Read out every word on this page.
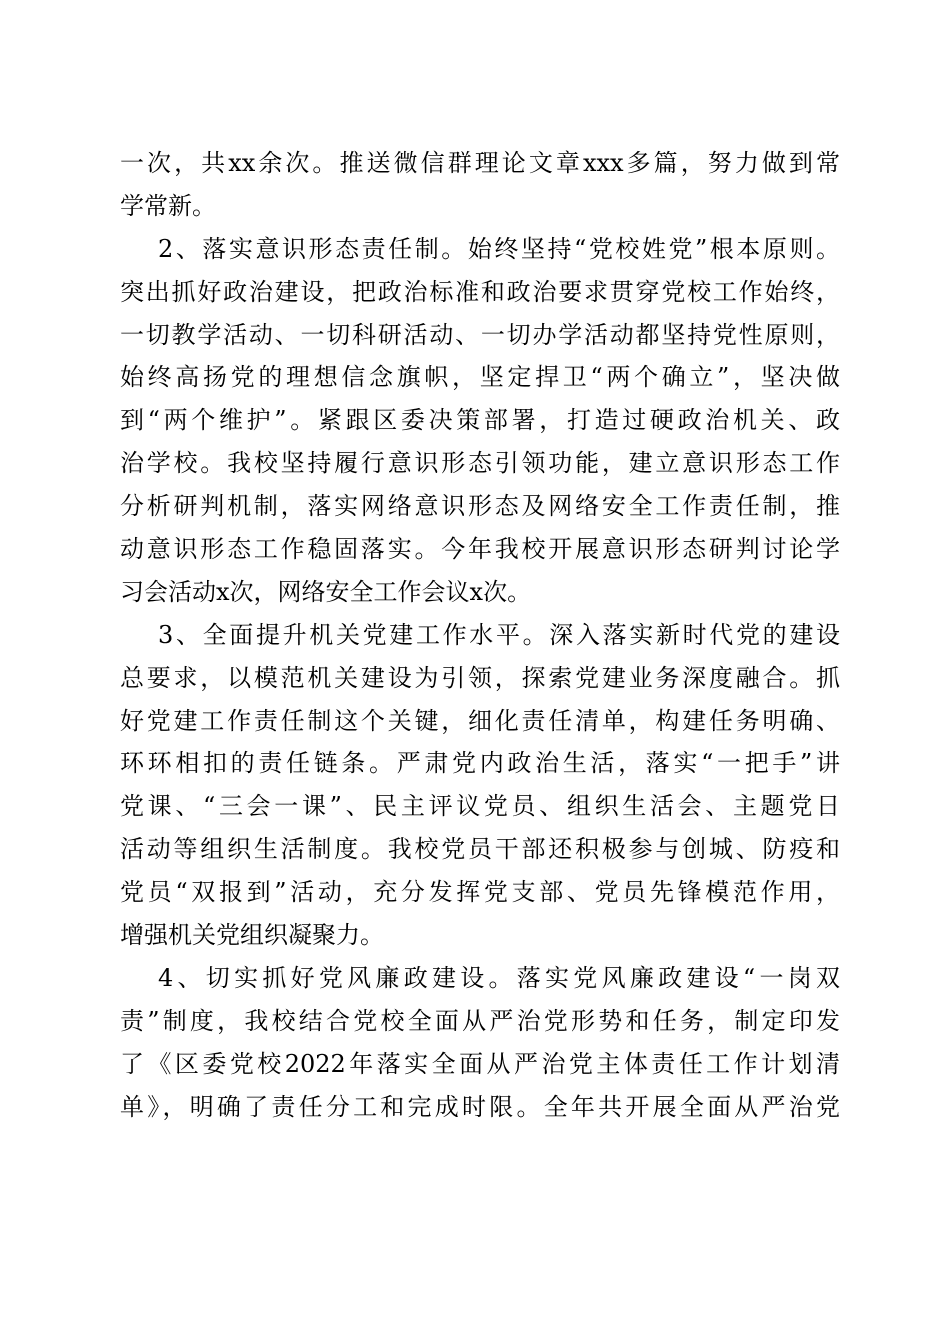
一次，共xx余次。推送微信群理论文章xxx多篇，努力做到常
学常新。
2、落实意识形态责任制。始终坚持“党校姓党”根本原则。
突出抓好政治建设，把政治标准和政治要求贯穿党校工作始终，
一切教学活动、一切科研活动、一切办学活动都坚持党性原则，
始终高扬党的理想信念旗帜，坚定捍卫“两个确立”，坚决做
到“两个维护”。紧跟区委决策部署，打造过硬政治机关、政
治学校。我校坚持履行意识形态引领功能，建立意识形态工作
分析研判机制，落实网络意识形态及网络安全工作责任制，推
动意识形态工作稳固落实。今年我校开展意识形态研判讨论学
习会活动x次，网络安全工作会议x次。
3、全面提升机关党建工作水平。深入落实新时代党的建设
总要求，以模范机关建设为引领，探索党建业务深度融合。抓
好党建工作责任制这个关键，细化责任清单，构建任务明确、
环环相扣的责任链条。严肃党内政治生活，落实“一把手”讲
党课、“三会一课”、民主评议党员、组织生活会、主题党日
活动等组织生活制度。我校党员干部还积极参与创城、防疫和
党员“双报到”活动，充分发挥党支部、党员先锋模范作用，
增强机关党组织凝聚力。
4、切实抓好党风廉政建设。落实党风廉政建设“一岗双
责”制度，我校结合党校全面从严治党形势和任务，制定印发
了《区委党校2022年落实全面从严治党主体责任工作计划清
单》，明确了责任分工和完成时限。全年共开展全面从严治党
